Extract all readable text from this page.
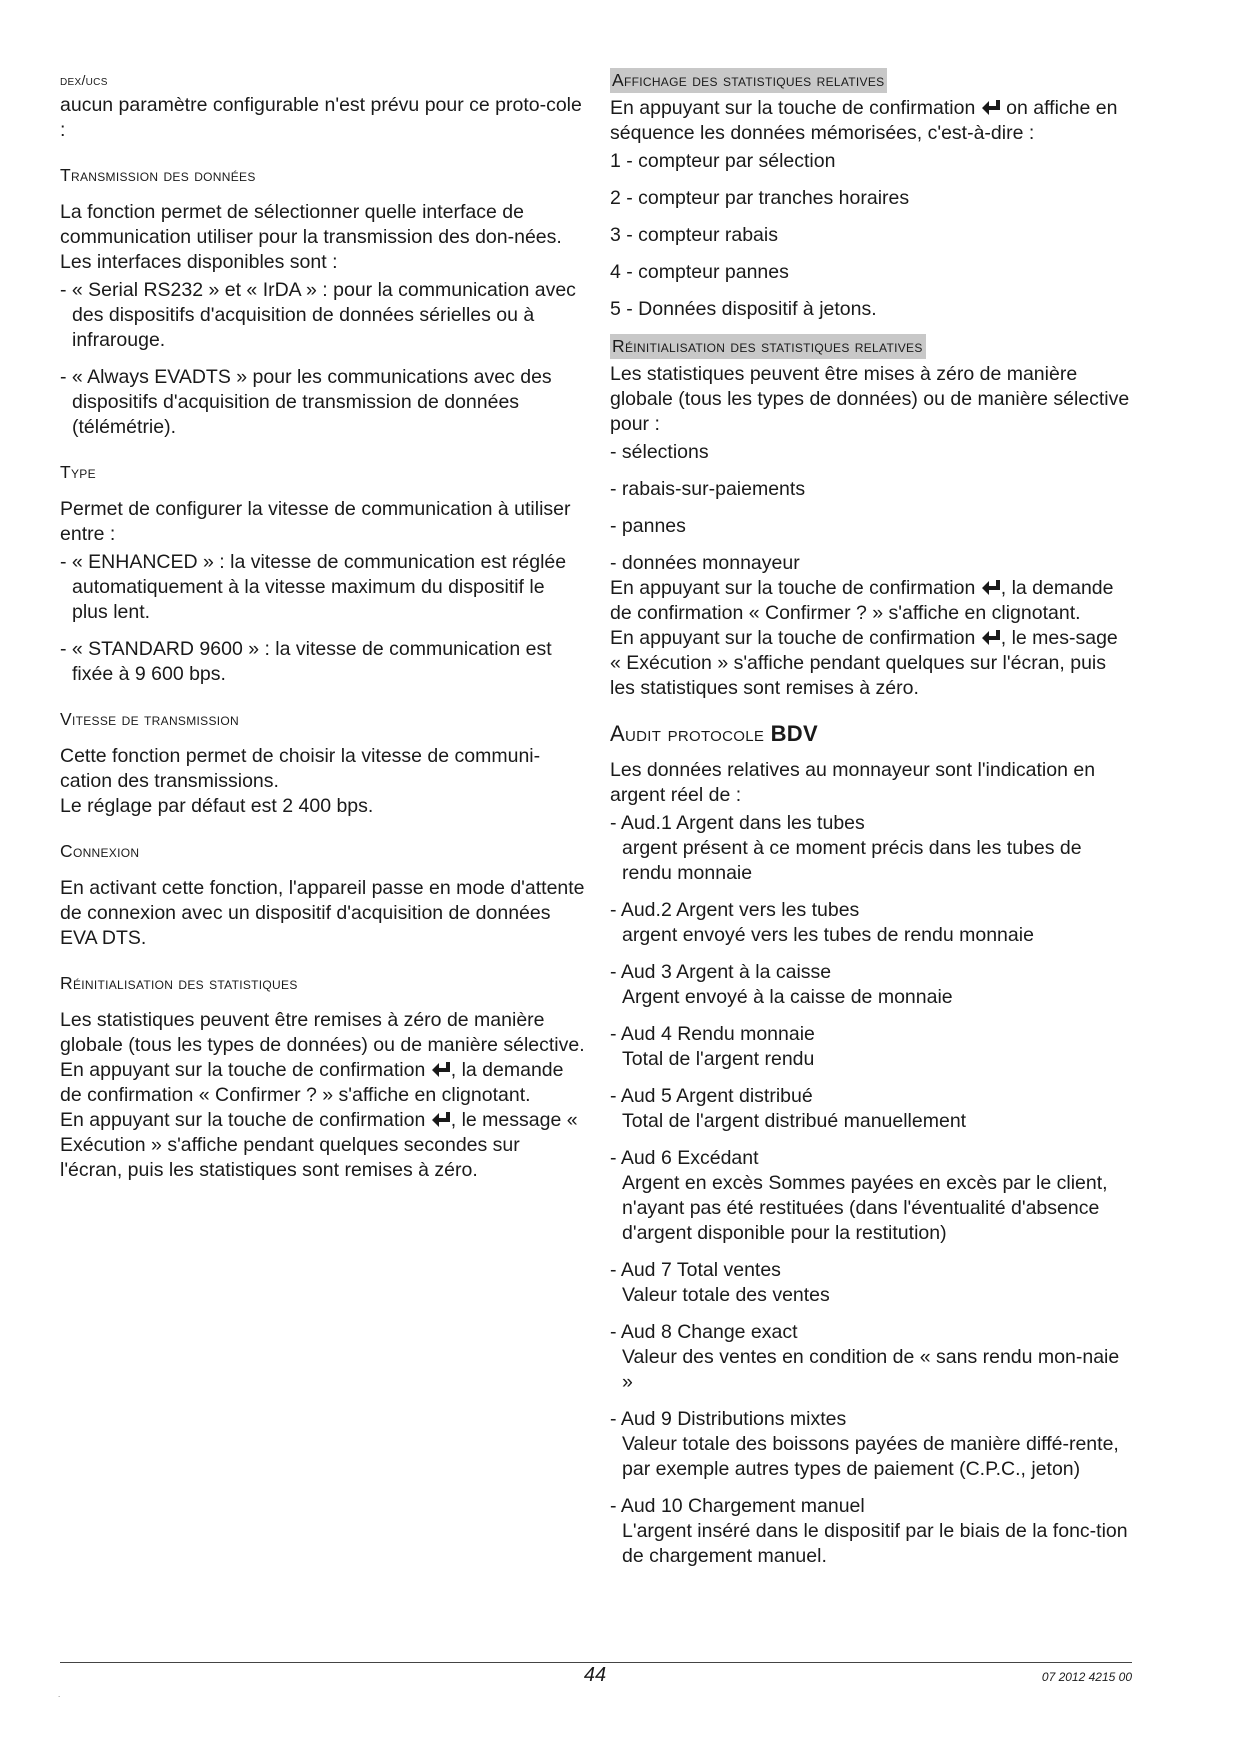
dex/ucs

aucun paramètre configurable n'est prévu pour ce proto-cole :

Transmission des données

La fonction permet de sélectionner quelle interface de communication utiliser pour la transmission des don-nées. Les interfaces disponibles sont :

- « Serial RS232 » et « IrDA » : pour la communication avec des dispositifs d'acquisition de données sérielles ou à infrarouge.

- « Always EVADTS » pour les communications avec des dispositifs d'acquisition de transmission de données (télémétrie).

Type

Permet de configurer la vitesse de communication à utiliser entre :

- « ENHANCED » : la vitesse de communication est réglée automatiquement à la vitesse maximum du dispositif le plus lent.

- « STANDARD 9600 » : la vitesse de communication est fixée à 9 600 bps.

Vitesse de transmission

Cette fonction permet de choisir la vitesse de communi-cation des transmissions.

Le réglage par défaut est 2 400 bps.

Connexion

En activant cette fonction, l'appareil passe en mode d'attente de connexion avec un dispositif d'acquisition de données EVA DTS.

Réinitialisation des statistiques

Les statistiques peuvent être remises à zéro de manière globale (tous les types de données) ou de manière sélective.

En appuyant sur la touche de confirmation , la demande de confirmation « Confirmer ? » s'affiche en clignotant.

En appuyant sur la touche de confirmation , le message « Exécution » s'affiche pendant quelques secondes sur l'écran, puis les statistiques sont remises à zéro.

Affichage des statistiques relatives

En appuyant sur la touche de confirmation on affiche en séquence les données mémorisées, c'est-à-dire :

1 - compteur par sélection

2 - compteur par tranches horaires

3 - compteur rabais

4 - compteur pannes

5 - Données dispositif à jetons.

Réinitialisation des statistiques relatives

Les statistiques peuvent être mises à zéro de manière globale (tous les types de données) ou de manière sélective pour :

- sélections

- rabais-sur-paiements

- pannes

- données monnayeur

En appuyant sur la touche de confirmation , la demande de confirmation « Confirmer ? » s'affiche en clignotant.

En appuyant sur la touche de confirmation , le mes-sage « Exécution » s'affiche pendant quelques sur l'écran, puis les statistiques sont remises à zéro.

Audit protocole BDV

Les données relatives au monnayeur sont l'indication en argent réel de :

- Aud.1 Argent dans les tubes
argent présent à ce moment précis dans les tubes de rendu monnaie
- Aud.2 Argent vers les tubes
argent envoyé vers les tubes de rendu monnaie
- Aud 3 Argent à la caisse
Argent envoyé à la caisse de monnaie
- Aud 4 Rendu monnaie
Total de l'argent rendu
- Aud 5 Argent distribué
Total de l'argent distribué manuellement
- Aud 6 Excédant
Argent en excès Sommes payées en excès par le client, n'ayant pas été restituées (dans l'éventualité d'absence d'argent disponible pour la restitution)
- Aud 7 Total ventes
Valeur totale des ventes
- Aud 8 Change exact
Valeur des ventes en condition de « sans rendu mon-naie »
- Aud 9 Distributions mixtes
Valeur totale des boissons payées de manière diffé-rente, par exemple autres types de paiement (C.P.C., jeton)
- Aud 10 Chargement manuel
L'argent inséré dans le dispositif par le biais de la fonc-tion de chargement manuel.
44	07 2012 4215 00
.
